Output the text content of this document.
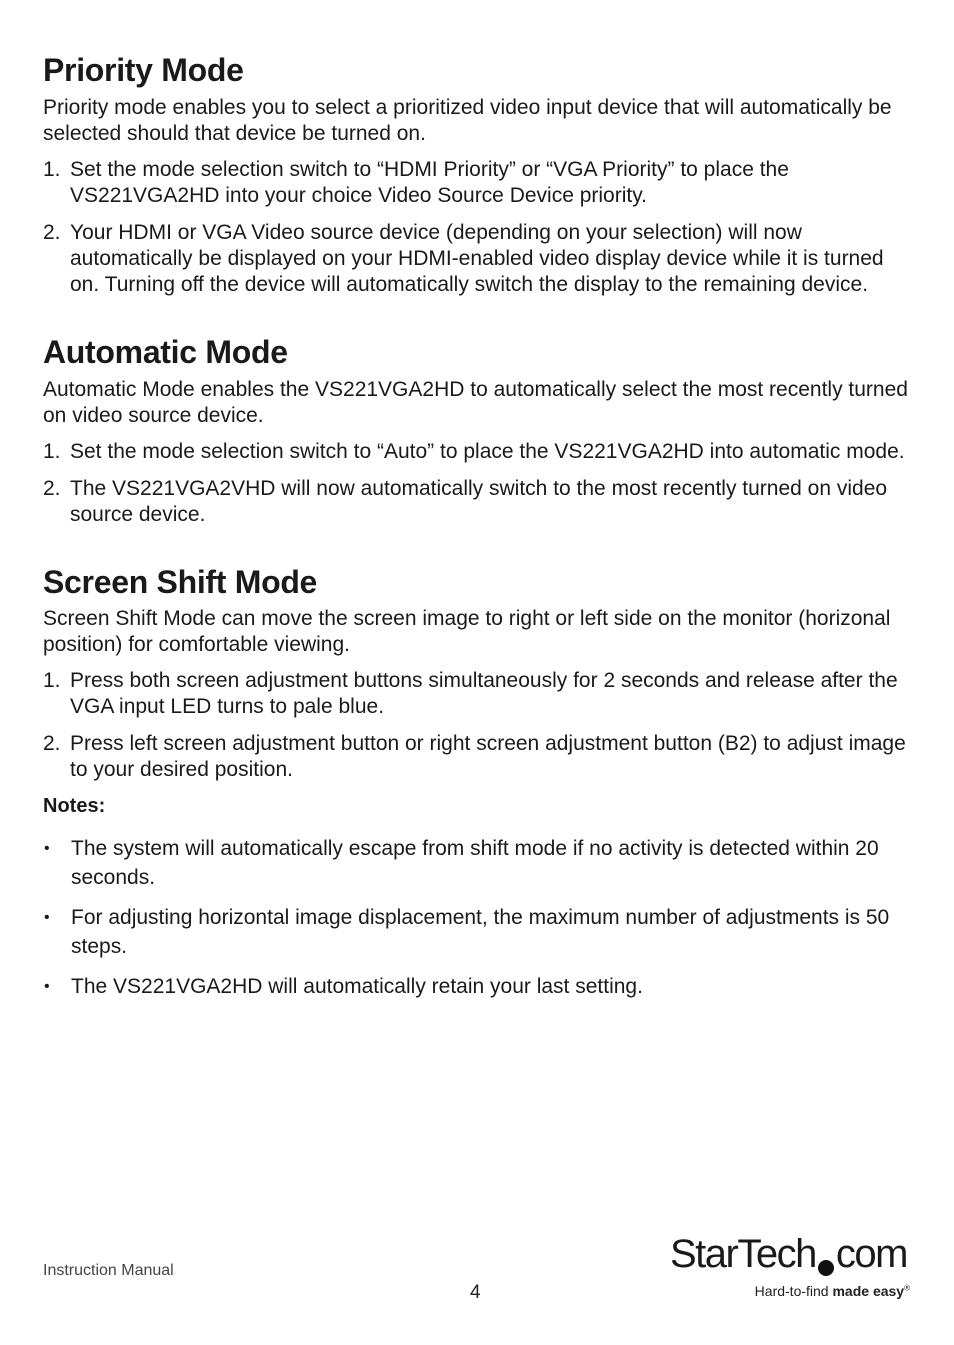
Priority Mode

Priority mode enables you to select a prioritized video input device that will automatically be selected should that device be turned on.

1. Set the mode selection switch to “HDMI Priority” or “VGA Priority” to place the VS221VGA2HD into your choice Video Source Device priority.
2. Your HDMI or VGA Video source device (depending on your selection) will now automatically be displayed on your HDMI-enabled video display device while it is turned on. Turning off the device will automatically switch the display to the remaining device.
Automatic Mode

Automatic Mode enables the VS221VGA2HD to automatically select the most recently turned on video source device.

1. Set the mode selection switch to “Auto” to place the VS221VGA2HD into automatic mode.
2. The VS221VGA2VHD will now automatically switch to the most recently turned on video source device.
Screen Shift Mode

Screen Shift Mode can move the screen image to right or left side on the monitor (horizonal position) for comfortable viewing.

1. Press both screen adjustment buttons simultaneously for 2 seconds and release after the VGA input LED turns to pale blue.
2. Press left screen adjustment button or right screen adjustment button (B2) to adjust image to your desired position.
Notes:
•	The system will automatically escape from shift mode if no activity is detected within 20 seconds.
•	For adjusting horizontal image displacement, the maximum number of adjustments is 50 steps.
•	The VS221VGA2HD will automatically retain your last setting.
Instruction Manual
4
StarTech com
Hard-to-find made easy®
